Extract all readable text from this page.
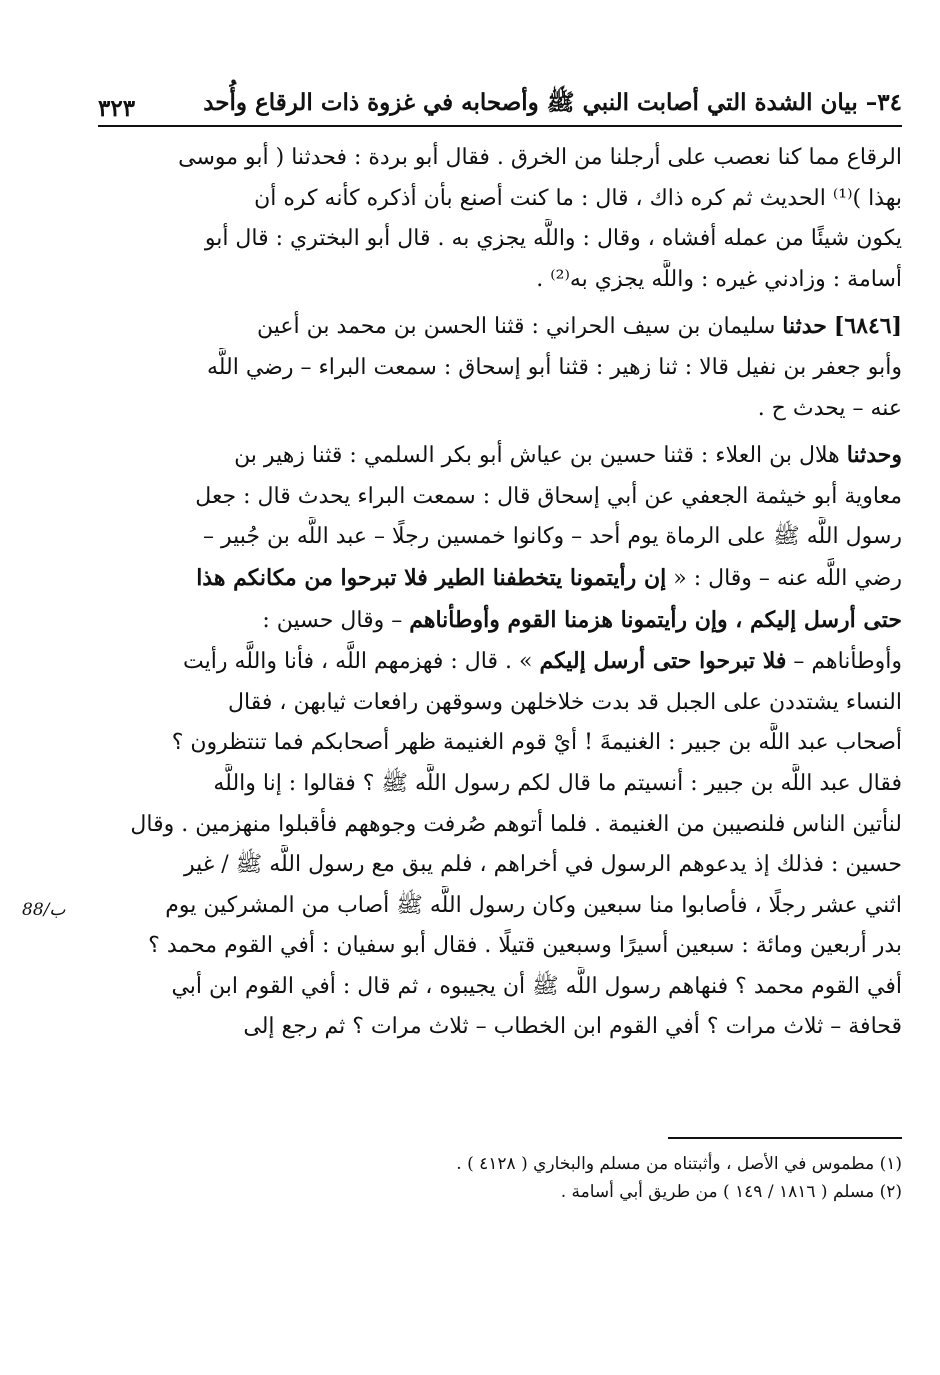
٣٤– بيان الشدة التي أصابت النبي ﷺ وأصحابه في غزوة ذات الرقاع وأُحد
٣٢٣

الرقاع مما كنا نعصب على أرجلنا من الخرق . فقال أبو بردة : فحدثنا ( أبو موسى
بهذا )⁽¹⁾ الحديث ثم كره ذاك ، قال : ما كنت أصنع بأن أذكره كأنه كره أن
يكون شيئًا من عمله أفشاه ، وقال : واللَّه يجزي به . قال أبو البختري : قال أبو
أسامة : وزادني غيره : واللَّه يجزي به⁽²⁾ .

[٦٨٤٦] حدثنا سليمان بن سيف الحراني : قثنا الحسن بن محمد بن أعين
وأبو جعفر بن نفيل قالا : ثنا زهير : قثنا أبو إسحاق : سمعت البراء – رضي اللَّه
عنه – يحدث ح .

وحدثنا هلال بن العلاء : قثنا حسين بن عياش أبو بكر السلمي : قثنا زهير بن
معاوية أبو خيثمة الجعفي عن أبي إسحاق قال : سمعت البراء يحدث قال : جعل
رسول اللَّه ﷺ على الرماة يوم أحد – وكانوا خمسين رجلًا – عبد اللَّه بن جُبير –
رضي اللَّه عنه – وقال : « إن رأيتمونا يتخطفنا الطير فلا تبرحوا من مكانكم هذا
حتى أرسل إليكم ، وإن رأيتمونا هزمنا القوم وأوطأناهم – وقال حسين :
وأوطأناهم – فلا تبرحوا حتى أرسل إليكم » . قال : فهزمهم اللَّه ، فأنا واللَّه رأيت
النساء يشتددن على الجبل قد بدت خلاخلهن وسوقهن رافعات ثيابهن ، فقال
أصحاب عبد اللَّه بن جبير : الغنيمةَ ! أيْ قوم الغنيمة ظهر أصحابكم فما تنتظرون ؟
فقال عبد اللَّه بن جبير : أنسيتم ما قال لكم رسول اللَّه ﷺ ؟ فقالوا : إنا واللَّه
لنأتين الناس فلنصيبن من الغنيمة . فلما أتوهم صُرفت وجوههم فأقبلوا منهزمين . وقال
حسين : فذلك إذ يدعوهم الرسول في أخراهم ، فلم يبق مع رسول اللَّه ﷺ / غير
اثني عشر رجلًا ، فأصابوا منا سبعين وكان رسول اللَّه ﷺ أصاب من المشركين يوم
بدر أربعين ومائة : سبعين أسيرًا وسبعين قتيلًا . فقال أبو سفيان : أفي القوم محمد ؟
أفي القوم محمد ؟ فنهاهم رسول اللَّه ﷺ أن يجيبوه ، ثم قال : أفي القوم ابن أبي
قحافة – ثلاث مرات ؟ أفي القوم ابن الخطاب – ثلاث مرات ؟ ثم رجع إلى

88/ب
(١) مطموس في الأصل ، وأثبتناه من مسلم والبخاري ( ٤١٢٨ ) .
(٢) مسلم ( ١٨١٦ / ١٤٩ ) من طريق أبي أسامة .
